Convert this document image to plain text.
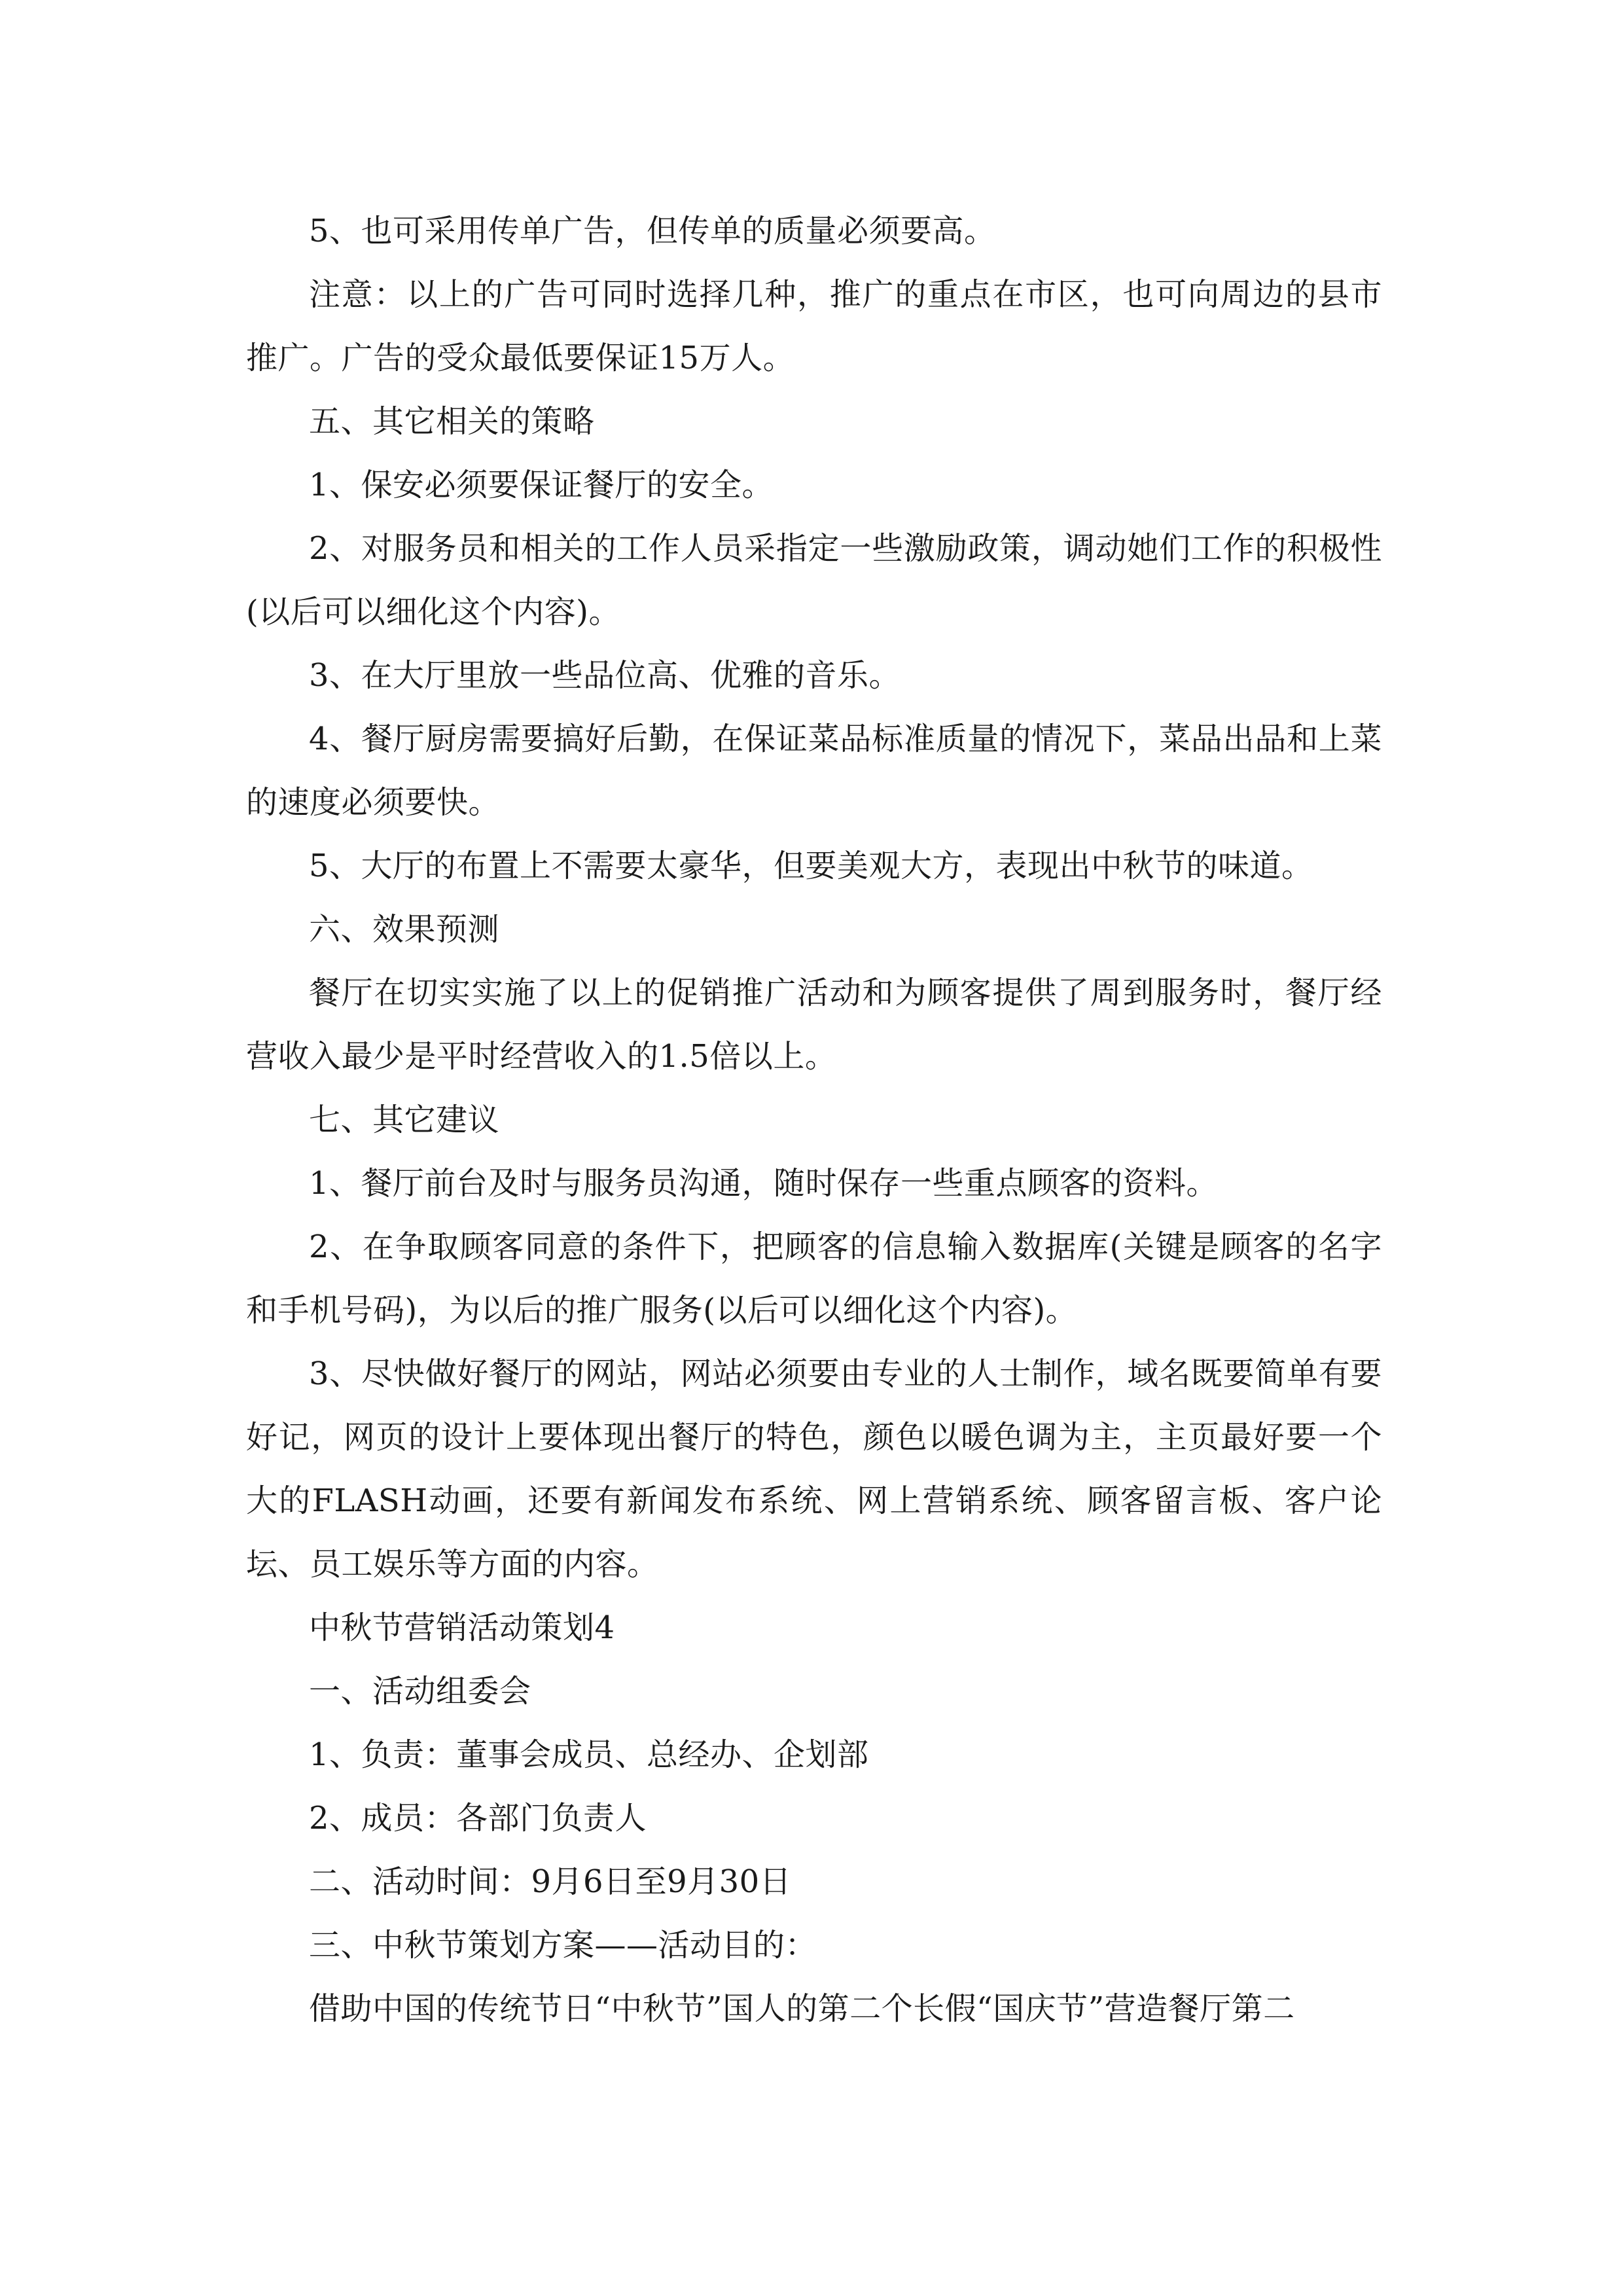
5、也可采用传单广告，但传单的质量必须要高。

注意：以上的广告可同时选择几种，推广的重点在市区，也可向周边的县市推广。广告的受众最低要保证15万人。

五、其它相关的策略

1、保安必须要保证餐厅的安全。

2、对服务员和相关的工作人员采指定一些激励政策，调动她们工作的积极性(以后可以细化这个内容)。

3、在大厅里放一些品位高、优雅的音乐。

4、餐厅厨房需要搞好后勤，在保证菜品标准质量的情况下，菜品出品和上菜的速度必须要快。

5、大厅的布置上不需要太豪华，但要美观大方，表现出中秋节的味道。

六、效果预测

餐厅在切实实施了以上的促销推广活动和为顾客提供了周到服务时，餐厅经营收入最少是平时经营收入的1.5倍以上。

七、其它建议

1、餐厅前台及时与服务员沟通，随时保存一些重点顾客的资料。

2、在争取顾客同意的条件下，把顾客的信息输入数据库(关键是顾客的名字和手机号码)，为以后的推广服务(以后可以细化这个内容)。

3、尽快做好餐厅的网站，网站必须要由专业的人士制作，域名既要简单有要好记，网页的设计上要体现出餐厅的特色，颜色以暖色调为主，主页最好要一个大的FLASH动画，还要有新闻发布系统、网上营销系统、顾客留言板、客户论坛、员工娱乐等方面的内容。

中秋节营销活动策划4

一、活动组委会

1、负责：董事会成员、总经办、企划部

2、成员：各部门负责人

二、活动时间：9月6日至9月30日

三、中秋节策划方案——活动目的：

借助中国的传统节日“中秋节”国人的第二个长假“国庆节”营造餐厅第二
